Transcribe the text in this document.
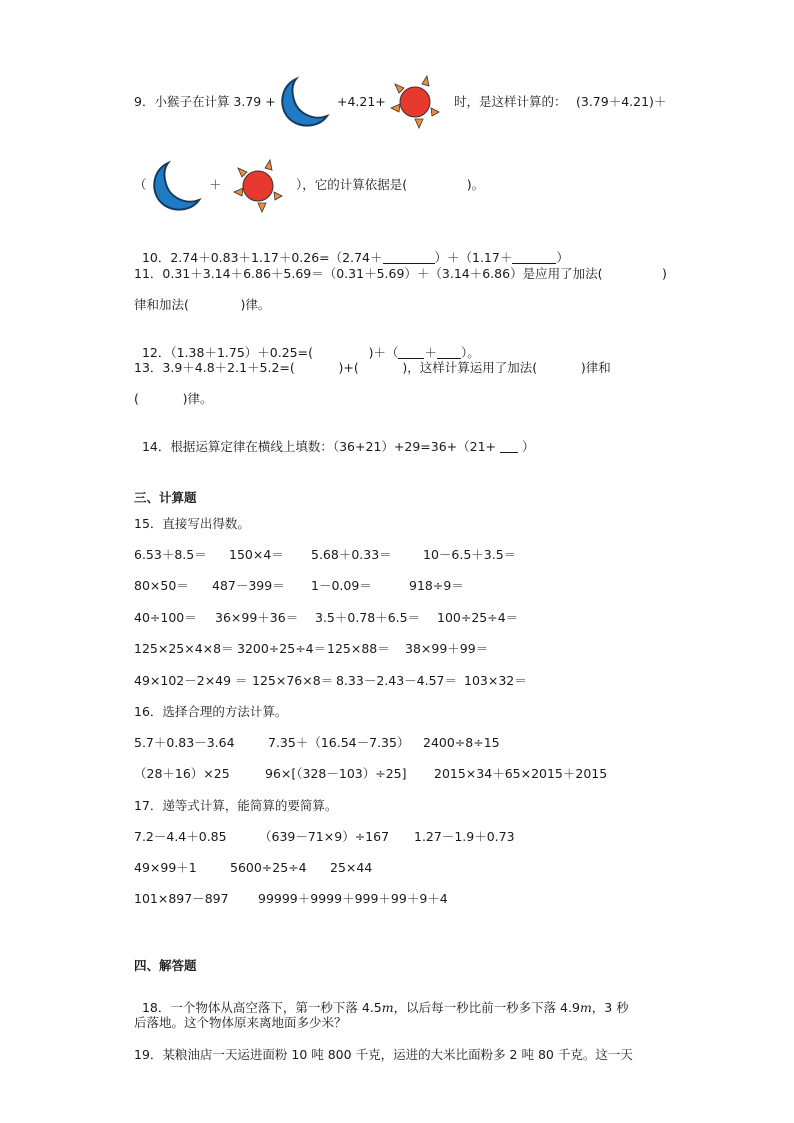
9．小猴子在计算 3.79 +	+4.21+	时，是这样计算的： (3.79＋4.21)＋
（	＋	），它的计算依据是(               )。

10．2.74＋0.83＋1.17＋0.26=（2.74＋	）＋（1.17＋	）

11．0.31＋3.14＋6.86＋5.69＝（0.31＋5.69）＋（3.14＋6.86）是应用了加法(               )
律和加法(             )律。

12．（1.38＋1.75）＋0.25=(              )＋（ ＋ ）。

13．3.9＋4.8＋2.1＋5.2=(           )+(           )，这样计算运用了加法(           )律和
(           )律。

14．根据运算定律在横线上填数：（36+21）+29=36+（21+  ）

三、计算题
15．直接写出得数。
6.53＋8.5＝ 150×4＝ 5.68＋0.33＝	10－6.5＋3.5＝
80×50＝ 487－399＝ 1－0.09＝	918÷9＝
40÷100＝ 36×99＋36＝ 3.5＋0.78＋6.5＝ 100÷25÷4＝
125×25×4×8＝ 3200÷25÷4＝ 125×88＝ 38×99＋99＝
49×102－2×49 ＝ 125×76×8＝ 8.33－2.43－4.57＝ 103×32＝
16．选择合理的方法计算。
5.7＋0.83－3.64	7.35＋（16.54－7.35） 2400÷8÷15
（28＋16）×25	96×[（328－103）÷25] 2015×34＋65×2015＋2015
17．递等式计算，能简算的要简算。
7.2－4.4＋0.85	（639－71×9）÷167 1.27－1.9＋0.73
49×99＋1	5600÷25÷4 25×44
101×897－897 99999＋9999＋999＋99＋9＋4
四、解答题

18．一个物体从高空落下，第一秒下落 4.5m，以后每一秒比前一秒多下落 4.9m，3 秒

后落地。这个物体原来离地面多少米？
19．某粮油店一天运进面粉 10 吨 800 千克，运进的大米比面粉多 2 吨 80 千克。这一天
